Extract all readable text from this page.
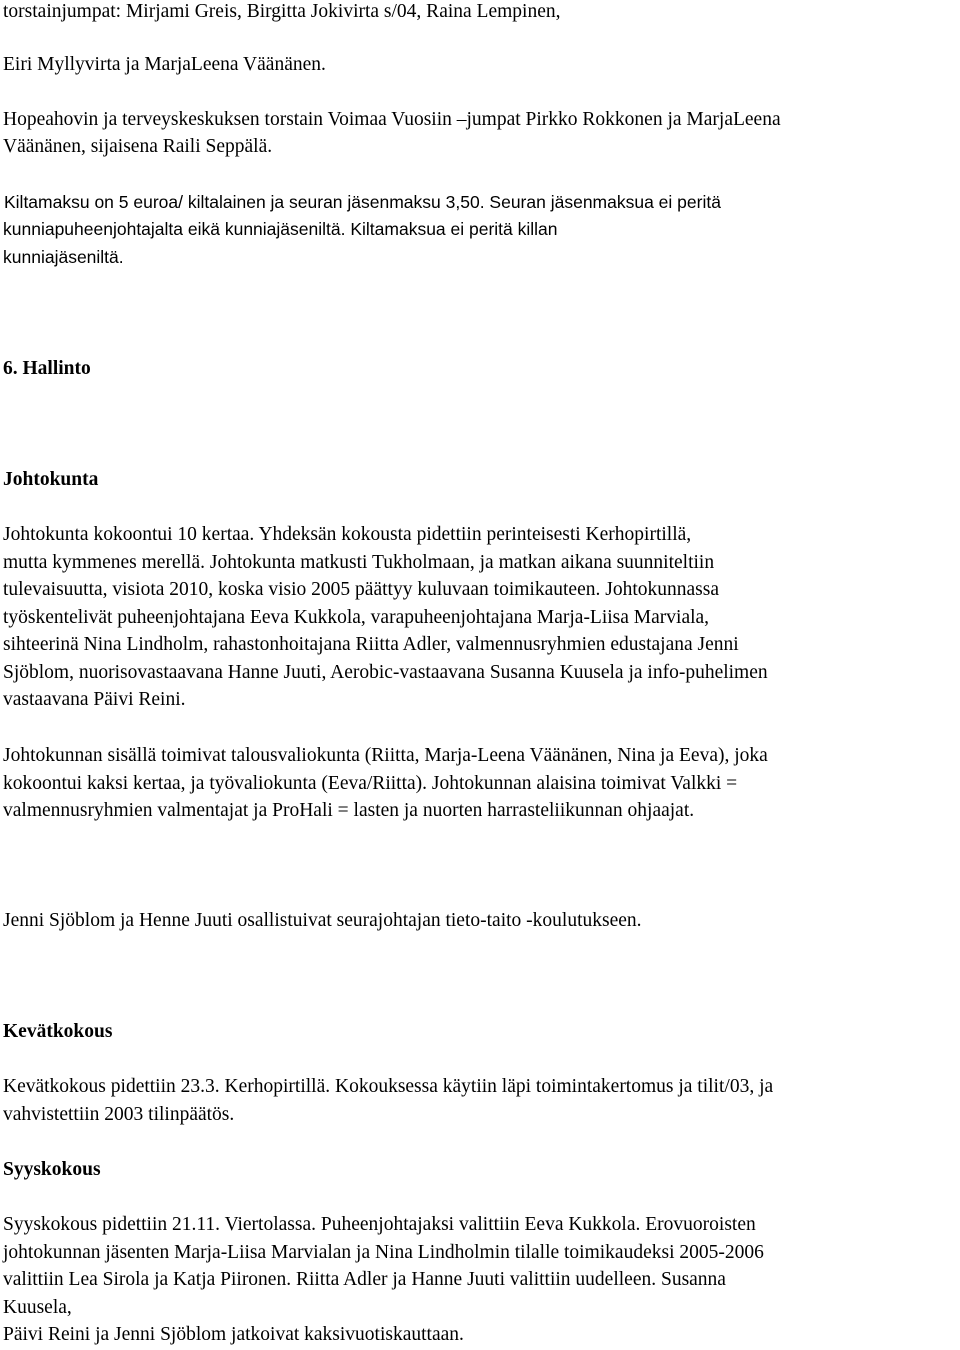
torstainjumpat: Mirjami Greis, Birgitta Jokivirta s/04, Raina Lempinen,

Eiri Myllyvirta ja MarjaLeena Väänänen.

Hopeahovin ja terveyskeskuksen torstain Voimaa Vuosiin –jumpat Pirkko Rokkonen ja MarjaLeena

Väänänen, sijaisena Raili Seppälä.

Kiltamaksu on 5 euroa/ kiltalainen ja seuran jäsenmaksu 3,50. Seuran jäsenmaksua ei peritä

kunniapuheenjohtajalta eikä kunniajäseniltä. Kiltamaksua ei peritä killan

kunniajäseniltä.

6. Hallinto
Johtokunta

Johtokunta kokoontui 10 kertaa. Yhdeksän kokousta pidettiin perinteisesti Kerhopirtillä,

mutta kymmenes merellä. Johtokunta matkusti Tukholmaan, ja matkan aikana suunniteltiin

tulevaisuutta, visiota 2010, koska visio 2005 päättyy kuluvaan toimikauteen. Johtokunnassa

työskentelivät puheenjohtajana Eeva Kukkola, varapuheenjohtajana Marja-Liisa Marviala,

sihteerinä Nina Lindholm, rahastonhoitajana Riitta Adler, valmennusryhmien edustajana Jenni

Sjöblom, nuorisovastaavana Hanne Juuti, Aerobic-vastaavana Susanna Kuusela ja info-puhelimen

vastaavana Päivi Reini.

Johtokunnan sisällä toimivat talousvaliokunta (Riitta, Marja-Leena Väänänen, Nina ja Eeva), joka

kokoontui kaksi kertaa, ja työvaliokunta (Eeva/Riitta). Johtokunnan alaisina toimivat Valkki =

valmennusryhmien valmentajat ja ProHali = lasten ja nuorten harrasteliikunnan ohjaajat.

Jenni Sjöblom ja Henne Juuti osallistuivat seurajohtajan tieto-taito -koulutukseen.

Kevätkokous

Kevätkokous pidettiin 23.3. Kerhopirtillä. Kokouksessa käytiin läpi toimintakertomus ja tilit/03, ja

vahvistettiin 2003 tilinpäätös.

Syyskokous

Syyskokous pidettiin 21.11. Viertolassa. Puheenjohtajaksi valittiin Eeva Kukkola. Erovuoroisten

johtokunnan jäsenten Marja-Liisa Marvialan ja Nina Lindholmin tilalle toimikaudeksi 2005-2006

valittiin Lea Sirola ja Katja Piironen. Riitta Adler ja Hanne Juuti valittiin uudelleen. Susanna

Kuusela,

Päivi Reini ja Jenni Sjöblom jatkoivat kaksivuotiskauttaan.
